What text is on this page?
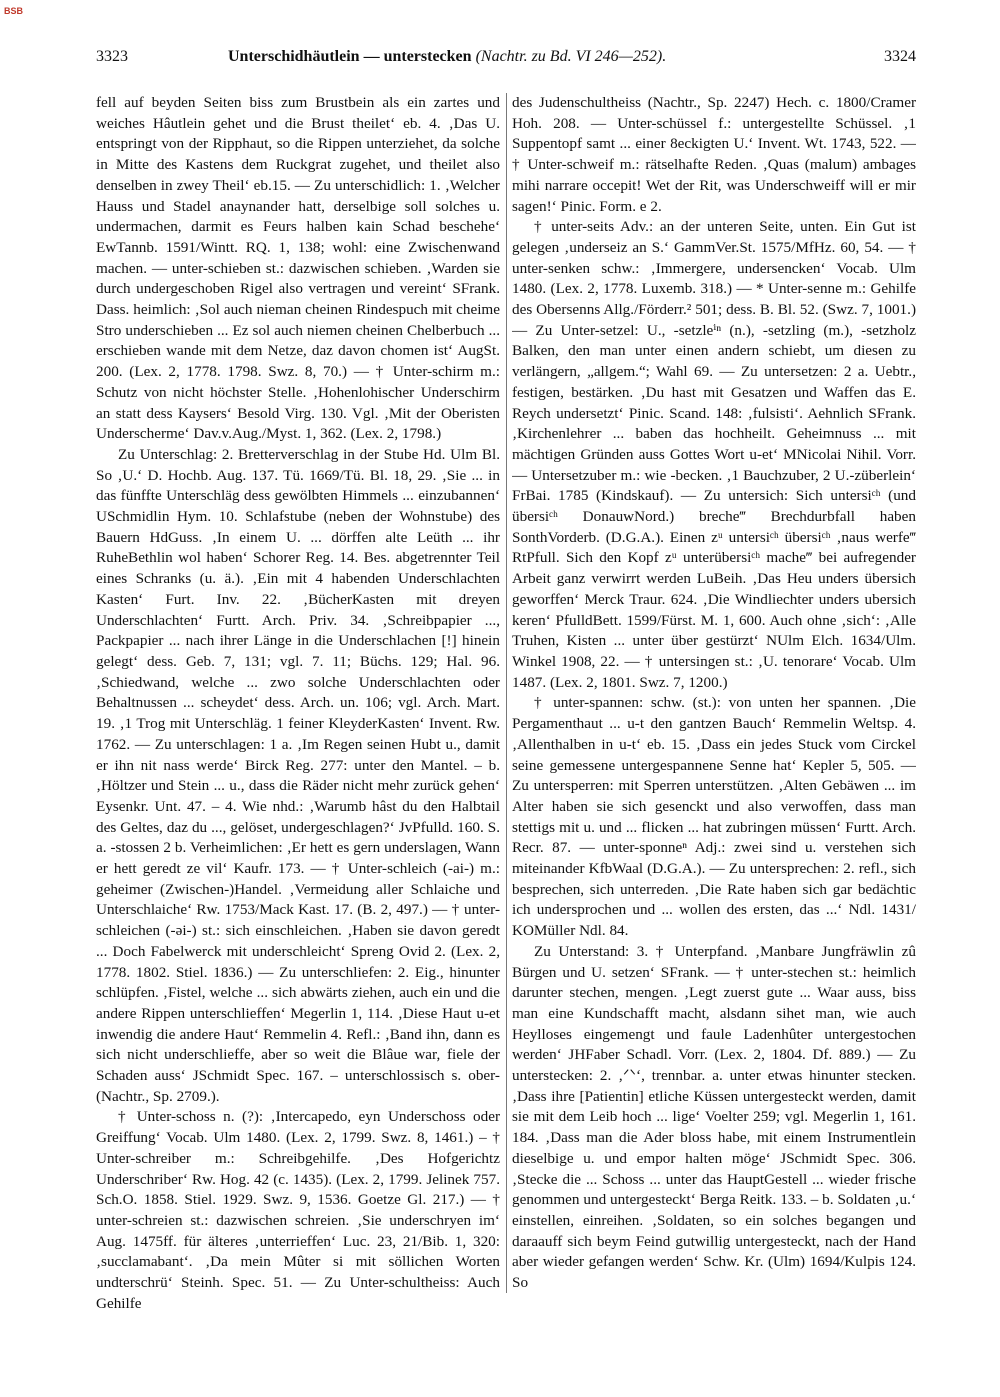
BSB
3323	Unterschidhäutlein — unterstecken (Nachtr. zu Bd. VI 246—252).	3324

fell auf beyden Seiten biss zum Brustbein als ein zartes und weiches Hâutlein gehet und die Brust theilet‘ eb. 4. ‚Das U. entspringt von der Ripphaut, so die Rippen unterziehet, da solche in Mitte des Kastens dem Ruckgrat zugehet, und theilet also denselben in zwey Theil‘ eb.15. — Zu unterschidlich: 1. ‚Welcher Hauss und Stadel anaynander hatt, derselbige soll solches u. undermachen, darmit es Feurs halben kain Schad beschehe‘ EwTannb. 1591/Wintt. RQ. 1, 138; wohl: eine Zwischenwand machen. — unter-schieben st.: dazwischen schieben. ‚Warden sie durch undergeschoben Rigel also vertragen und vereint‘ SFrank. Dass. heimlich: ‚Sol auch nieman cheinen Rindespuch mit cheime Stro underschieben ... Ez sol auch niemen cheinen Chelberbuch ... erschieben wande mit dem Netze, daz davon chomen ist‘ AugSt. 200. (Lex. 2, 1778. 1798. Swz. 8, 70.) — † Unter-schirm m.: Schutz von nicht höchster Stelle. ‚Hohenlohischer Underschirm an statt dess Kaysers‘ Besold Virg. 130. Vgl. ‚Mit der Oberisten Underscherme‘ Dav.v.Aug./Myst. 1, 362. (Lex. 2, 1798.)

Zu Unterschlag: 2. Bretterverschlag in der Stube Hd. Ulm Bl. So ‚U.‘ D. Hochb. Aug. 137. Tü. 1669/Tü. Bl. 18, 29. ‚Sie ... in das fünffte Unterschläg dess gewölbten Himmels ... einzubannen‘ USchmidlin Hym. 10. Schlafstube (neben der Wohnstube) des Bauern HdGuss. ‚In einem U. ... dörffen alte Leüth ... ihr RuheBethlin wol haben‘ Schorer Reg. 14. Bes. abgetrennter Teil eines Schranks (u. ä.). ‚Ein mit 4 habenden Underschlachten Kasten‘ Furt. Inv. 22. ‚BücherKasten mit dreyen Underschlachten‘ Furtt. Arch. Priv. 34. ‚Schreibpapier ..., Packpapier ... nach ihrer Länge in die Underschlachen [!] hinein gelegt‘ dess. Geb. 7, 131; vgl. 7. 11; Büchs. 129; Hal. 96. ‚Schiedwand, welche ... zwo solche Underschlachten oder Behaltnussen ... scheydet‘ dess. Arch. un. 106; vgl. Arch. Mart. 19. ‚1 Trog mit Unterschläg. 1 feiner KleyderKasten‘ Invent. Rw. 1762. — Zu unterschlagen: 1 a. ‚Im Regen seinen Hubt u., damit er ihn nit nass werde‘ Birck Reg. 277: unter den Mantel. – b. ‚Höltzer und Stein ... u., dass die Räder nicht mehr zurück gehen‘ Eysenkr. Unt. 47. – 4. Wie nhd.: ‚Warumb hâst du den Halbtail des Geltes, daz du ..., gelöset, undergeschlagen?‘ JvPfulld. 160. S. a. -stossen 2 b. Verheimlichen: ‚Er hett es gern underslagen, Wann er hett geredt ze vil‘ Kaufr. 173. — † Unter-schleich (-ai-) m.: geheimer (Zwischen-)Handel. ‚Vermeidung aller Schlaiche und Unterschlaiche‘ Rw. 1753/Mack Kast. 17. (B. 2, 497.) — † unter-schleichen (-əi-) st.: sich einschleichen. ‚Haben sie davon geredt ... Doch Fabelwerck mit underschleicht‘ Spreng Ovid 2. (Lex. 2, 1778. 1802. Stiel. 1836.) — Zu unterschliefen: 2. Eig., hinunter schlüpfen. ‚Fistel, welche ... sich abwärts ziehen, auch ein und die andere Rippen unterschlieffen‘ Megerlin 1, 114. ‚Diese Haut u-et inwendig die andere Haut‘ Remmelin 4. Refl.: ‚Band ihn, dann es sich nicht underschlieffe, aber so weit die Blâue war, fiele der Schaden auss‘ JSchmidt Spec. 167. – unterschlossisch s. ober- (Nachtr., Sp. 2709.).

† Unter-schoss n. (?): ‚Intercapedo, eyn Underschoss oder Greiffung‘ Vocab. Ulm 1480. (Lex. 2, 1799. Swz. 8, 1461.) – † Unter-schreiber m.: Schreibgehilfe. ‚Des Hofgerichtz Underschriber‘ Rw. Hog. 42 (c. 1435). (Lex. 2, 1799. Jelinek 757. Sch.O. 1858. Stiel. 1929. Swz. 9, 1536. Goetze Gl. 217.) — † unter-schreien st.: dazwischen schreien. ‚Sie underschryen im‘ Aug. 1475ff. für älteres ‚unterrieffen‘ Luc. 23, 21/Bib. 1, 320: ‚succlamabant‘. ‚Da mein Mûter si mit söllichen Worten undterschrü‘ Steinh. Spec. 51. — Zu Unter-schultheiss: Auch Gehilfe

des Judenschultheiss (Nachtr., Sp. 2247) Hech. c. 1800/Cramer Hoh. 208. — Unter-schüssel f.: untergestellte Schüssel. ‚1 Suppentopf samt ... einer 8eckigten U.‘ Invent. Wt. 1743, 522. — † Unter-schweif m.: rätselhafte Reden. ‚Quas (malum) ambages mihi narrare occepit! Wet der Rit, was Underschweiff will er mir sagen!‘ Pinic. Form. e 2.

† unter-seits Adv.: an der unteren Seite, unten. Ein Gut ist gelegen ‚underseiz an S.‘ GammVer.St. 1575/MfHz. 60, 54. — † unter-senken schw.: ‚Immergere, undersencken‘ Vocab. Ulm 1480. (Lex. 2, 1778. Luxemb. 318.) — * Unter-senne m.: Gehilfe des Obersenns Allg./Förderr.² 501; dess. B. Bl. 52. (Swz. 7, 1001.) — Zu Unter-setzel: U., -setzleⁱⁿ (n.), -setzling (m.), -setzholz Balken, den man unter einen andern schiebt, um diesen zu verlängern, „allgem.“; Wahl 69. — Zu untersetzen: 2 a. Uebtr., festigen, bestärken. ‚Du hast mit Gesatzen und Waffen das E. Reych undersetzt‘ Pinic. Scand. 148: ‚fulsisti‘. Aehnlich SFrank. ‚Kirchenlehrer ... baben das hochheilt. Geheimnuss ... mit mächtigen Gründen auss Gottes Wort u-et‘ MNicolai Nihil. Vorr. — Untersetzuber m.: wie -becken. ‚1 Bauchzuber, 2 U.-züberlein‘ FrBai. 1785 (Kindskauf). — Zu untersich: Sich untersiᶜʰ (und übersiᶜʰ DonauwNord.) breche‴ Brechdurbfall haben SonthVorderb. (D.G.A.). Einen zᵘ untersiᶜʰ übersiᶜʰ ‚naus werfe‴ RtPfull. Sich den Kopf zᵘ unterübersiᶜʰ mache‴ bei aufregender Arbeit ganz verwirrt werden LuBeih. ‚Das Heu unders übersich geworffen‘ Merck Traur. 624. ‚Die Windliechter unders ubersich keren‘ PfulldBett. 1599/Fürst. M. 1, 600. Auch ohne ‚sich‘: ‚Alle Truhen, Kisten ... unter über gestürzt‘ NUlm Elch. 1634/Ulm. Winkel 1908, 22. — † untersingen st.: ‚U. tenorare‘ Vocab. Ulm 1487. (Lex. 2, 1801. Swz. 7, 1200.)

† unter-spannen: schw. (st.): von unten her spannen. ‚Die Pergamenthaut ... u-t den gantzen Bauch‘ Remmelin Weltsp. 4. ‚Allenthalben in u-t‘ eb. 15. ‚Dass ein jedes Stuck vom Circkel seine gemessene untergespannene Senne hat‘ Kepler 5, 505. — Zu untersperren: mit Sperren unterstützen. ‚Alten Gebäwen ... im Alter haben sie sich gesenckt und also verwoffen, dass man stettigs mit u. und ... flicken ... hat zubringen müssen‘ Furtt. Arch. Recr. 87. — unter-sponneⁿ Adj.: zwei sind u. verstehen sich miteinander KfbWaal (D.G.A.). — Zu untersprechen: 2. refl., sich besprechen, sich unterreden. ‚Die Rate haben sich gar bedächtic ich undersprochen und ... wollen des ersten, das ...‘ Ndl. 1431/ KOMüller Ndl. 84.

Zu Unterstand: 3. † Unterpfand. ‚Manbare Jungfräwlin zû Bürgen und U. setzen‘ SFrank. — † unter-stechen st.: heimlich darunter stechen, mengen. ‚Legt zuerst gute ... Waar auss, biss man eine Kundschafft macht, alsdann sihet man, wie auch Heylloses eingemengt und faule Ladenhûter untergestochen werden‘ JHFaber Schadl. Vorr. (Lex. 2, 1804. Df. 889.) — Zu unterstecken: 2. ‚ᐟᐠ‘, trennbar. a. unter etwas hinunter stecken. ‚Dass ihre [Patientin] etliche Küssen untergesteckt werden, damit sie mit dem Leib hoch ... lige‘ Voelter 259; vgl. Megerlin 1, 161. 184. ‚Dass man die Ader bloss habe, mit einem Instrumentlein dieselbige u. und empor halten möge‘ JSchmidt Spec. 306. ‚Stecke die ... Schoss ... unter das HauptGestell ... wieder frische genommen und untergesteckt‘ Berga Reitk. 133. – b. Soldaten ‚u.‘ einstellen, einreihen. ‚Soldaten, so ein solches begangen und daraauff sich beym Feind gutwillig untergesteckt, nach der Hand aber wieder gefangen werden‘ Schw. Kr. (Ulm) 1694/Kulpis 124. So
